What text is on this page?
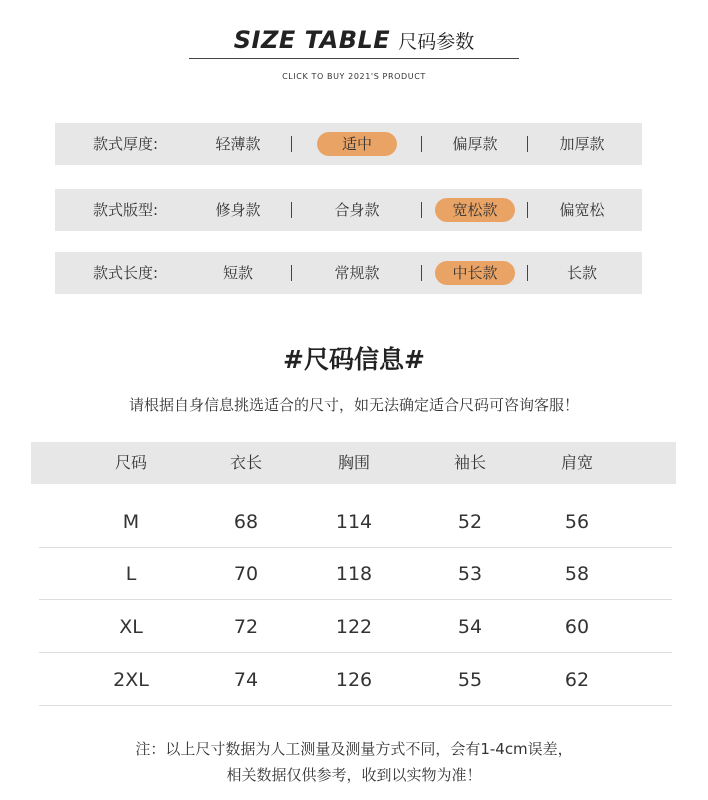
SIZE TABLE 尺码参数
CLICK TO BUY 2021'S PRODUCT
款式厚度:	轻薄款	适中	偏厚款	加厚款
款式版型:	修身款	合身款	宽松款	偏宽松
款式长度:	短款	常规款	中长款	长款
#尺码信息#
请根据自身信息挑选适合的尺寸，如无法确定适合尺码可咨询客服！
尺码	衣长	胸围	袖长	肩宽
M	68	114	52	56
L	70	118	53	58
XL	72	122	54	60
2XL	74	126	55	62
注：以上尺寸数据为人工测量及测量方式不同，会有1-4cm误差，
相关数据仅供参考，收到以实物为准！
